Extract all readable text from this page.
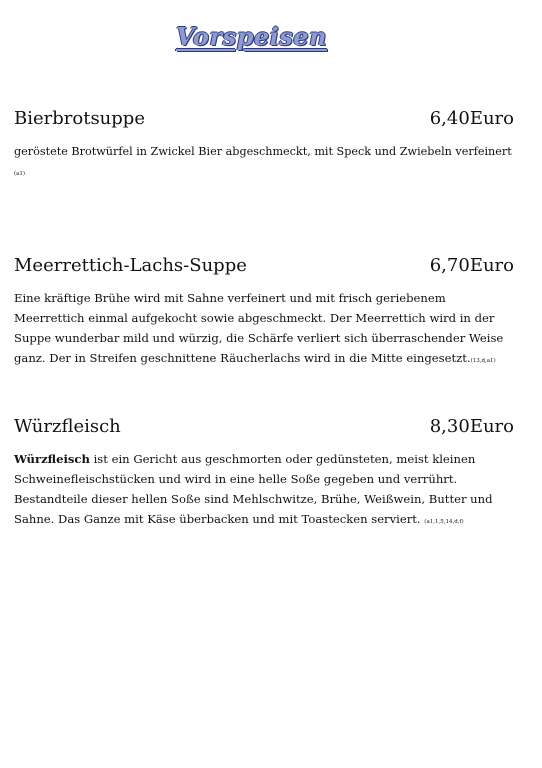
Vorspeisen
Bierbrotsuppe	6,40Euro

geröstete Brotwürfel in Zwickel Bier abgeschmeckt, mit Speck und Zwiebeln verfeinert (a1)

Meerrettich-Lachs-Suppe	6,70Euro

Eine kräftige Brühe wird mit Sahne verfeinert und mit frisch geriebenem Meerrettich einmal aufgekocht sowie abgeschmeckt. Der Meerrettich wird in der Suppe wunderbar mild und würzig, die Schärfe verliert sich überraschender Weise ganz. Der in Streifen geschnittene Räucherlachs wird in die Mitte eingesetzt.(13,d,a1)

Würzfleisch	8,30Euro

Würzfleisch ist ein Gericht aus geschmorten oder gedünsteten, meist kleinen Schweinefleischstücken und wird in eine helle Soße gegeben und verrührt. Bestandteile dieser hellen Soße sind Mehlschwitze, Brühe, Weißwein, Butter und Sahne. Das Ganze mit Käse überbacken und mit Toastecken serviert. (a1,1,5,14,d,f)
